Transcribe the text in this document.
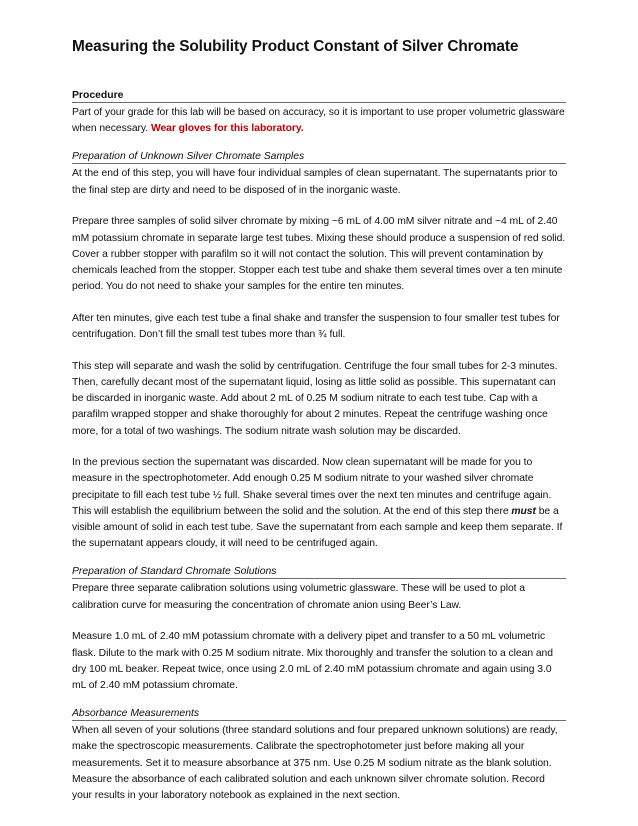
Measuring the Solubility Product Constant of Silver Chromate
Procedure

Part of your grade for this lab will be based on accuracy, so it is important to use proper volumetric glassware when necessary. Wear gloves for this laboratory.

Preparation of Unknown Silver Chromate Samples

At the end of this step, you will have four individual samples of clean supernatant. The supernatants prior to the final step are dirty and need to be disposed of in the inorganic waste.

Prepare three samples of solid silver chromate by mixing ~6 mL of 4.00 mM silver nitrate and ~4 mL of 2.40 mM potassium chromate in separate large test tubes. Mixing these should produce a suspension of red solid. Cover a rubber stopper with parafilm so it will not contact the solution. This will prevent contamination by chemicals leached from the stopper. Stopper each test tube and shake them several times over a ten minute period. You do not need to shake your samples for the entire ten minutes.

After ten minutes, give each test tube a final shake and transfer the suspension to four smaller test tubes for centrifugation. Don’t fill the small test tubes more than ¾ full.

This step will separate and wash the solid by centrifugation. Centrifuge the four small tubes for 2-3 minutes. Then, carefully decant most of the supernatant liquid, losing as little solid as possible. This supernatant can be discarded in inorganic waste. Add about 2 mL of 0.25 M sodium nitrate to each test tube. Cap with a parafilm wrapped stopper and shake thoroughly for about 2 minutes. Repeat the centrifuge washing once more, for a total of two washings. The sodium nitrate wash solution may be discarded.

In the previous section the supernatant was discarded. Now clean supernatant will be made for you to measure in the spectrophotometer. Add enough 0.25 M sodium nitrate to your washed silver chromate precipitate to fill each test tube ½ full. Shake several times over the next ten minutes and centrifuge again. This will establish the equilibrium between the solid and the solution. At the end of this step there must be a visible amount of solid in each test tube. Save the supernatant from each sample and keep them separate. If the supernatant appears cloudy, it will need to be centrifuged again.

Preparation of Standard Chromate Solutions

Prepare three separate calibration solutions using volumetric glassware. These will be used to plot a calibration curve for measuring the concentration of chromate anion using Beer’s Law.

Measure 1.0 mL of 2.40 mM potassium chromate with a delivery pipet and transfer to a 50 mL volumetric flask. Dilute to the mark with 0.25 M sodium nitrate. Mix thoroughly and transfer the solution to a clean and dry 100 mL beaker. Repeat twice, once using 2.0 mL of 2.40 mM potassium chromate and again using 3.0 mL of 2.40 mM potassium chromate.

Absorbance Measurements

When all seven of your solutions (three standard solutions and four prepared unknown solutions) are ready, make the spectroscopic measurements. Calibrate the spectrophotometer just before making all your measurements. Set it to measure absorbance at 375 nm. Use 0.25 M sodium nitrate as the blank solution. Measure the absorbance of each calibrated solution and each unknown silver chromate solution. Record your results in your laboratory notebook as explained in the next section.
